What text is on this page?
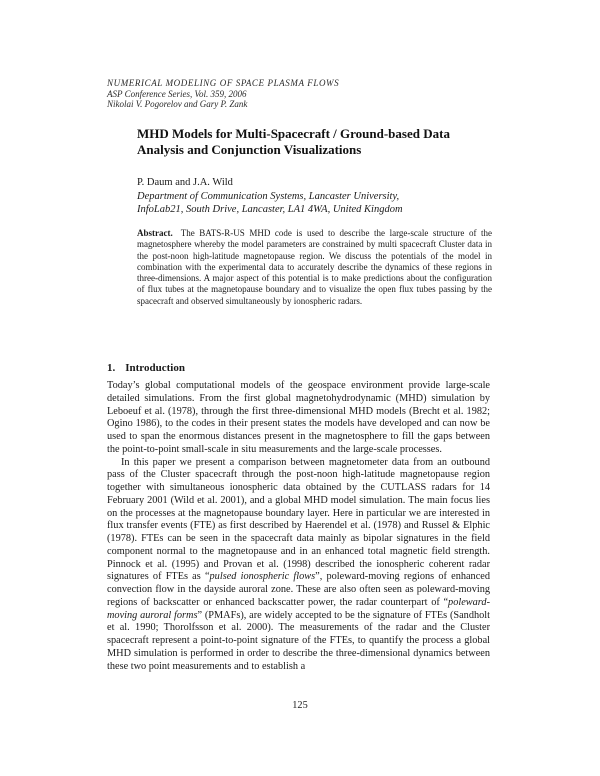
NUMERICAL MODELING OF SPACE PLASMA FLOWS
ASP Conference Series, Vol. 359, 2006
Nikolai V. Pogorelov and Gary P. Zank
MHD Models for Multi-Spacecraft / Ground-based Data
Analysis and Conjunction Visualizations
P. Daum and J.A. Wild
Department of Communication Systems, Lancaster University,
InfoLab21, South Drive, Lancaster, LA1 4WA, United Kingdom
Abstract. The BATS-R-US MHD code is used to describe the large-scale structure of the magnetosphere whereby the model parameters are constrained by multi spacecraft Cluster data in the post-noon high-latitude magnetopause region. We discuss the potentials of the model in combination with the experimental data to accurately describe the dynamics of these regions in three-dimensions. A major aspect of this potential is to make predictions about the configuration of flux tubes at the magnetopause boundary and to visualize the open flux tubes passing by the spacecraft and observed simultaneously by ionospheric radars.
1. Introduction

Today’s global computational models of the geospace environment provide large-scale detailed simulations. From the first global magnetohydrodynamic (MHD) simulation by Leboeuf et al. (1978), through the first three-dimensional MHD models (Brecht et al. 1982; Ogino 1986), to the codes in their present states the models have developed and can now be used to span the enormous distances present in the magnetosphere to fill the gaps between the point-to-point small-scale in situ measurements and the large-scale processes.

In this paper we present a comparison between magnetometer data from an outbound pass of the Cluster spacecraft through the post-noon high-latitude magnetopause region together with simultaneous ionospheric data obtained by the CUTLASS radars for 14 February 2001 (Wild et al. 2001), and a global MHD model simulation. The main focus lies on the processes at the magnetopause boundary layer. Here in particular we are interested in flux transfer events (FTE) as first described by Haerendel et al. (1978) and Russel & Elphic (1978). FTEs can be seen in the spacecraft data mainly as bipolar signatures in the field component normal to the magnetopause and in an enhanced total magnetic field strength. Pinnock et al. (1995) and Provan et al. (1998) described the ionospheric coherent radar signatures of FTEs as “pulsed ionospheric flows”, poleward-moving regions of enhanced convection flow in the dayside auroral zone. These are also often seen as poleward-moving regions of backscatter or enhanced backscatter power, the radar counterpart of “poleward-moving auroral forms” (PMAFs), are widely accepted to be the signature of FTEs (Sandholt et al. 1990; Thorolfsson et al. 2000). The measurements of the radar and the Cluster spacecraft represent a point-to-point signature of the FTEs, to quantify the process a global MHD simulation is performed in order to describe the three-dimensional dynamics between these two point measurements and to establish a

125
